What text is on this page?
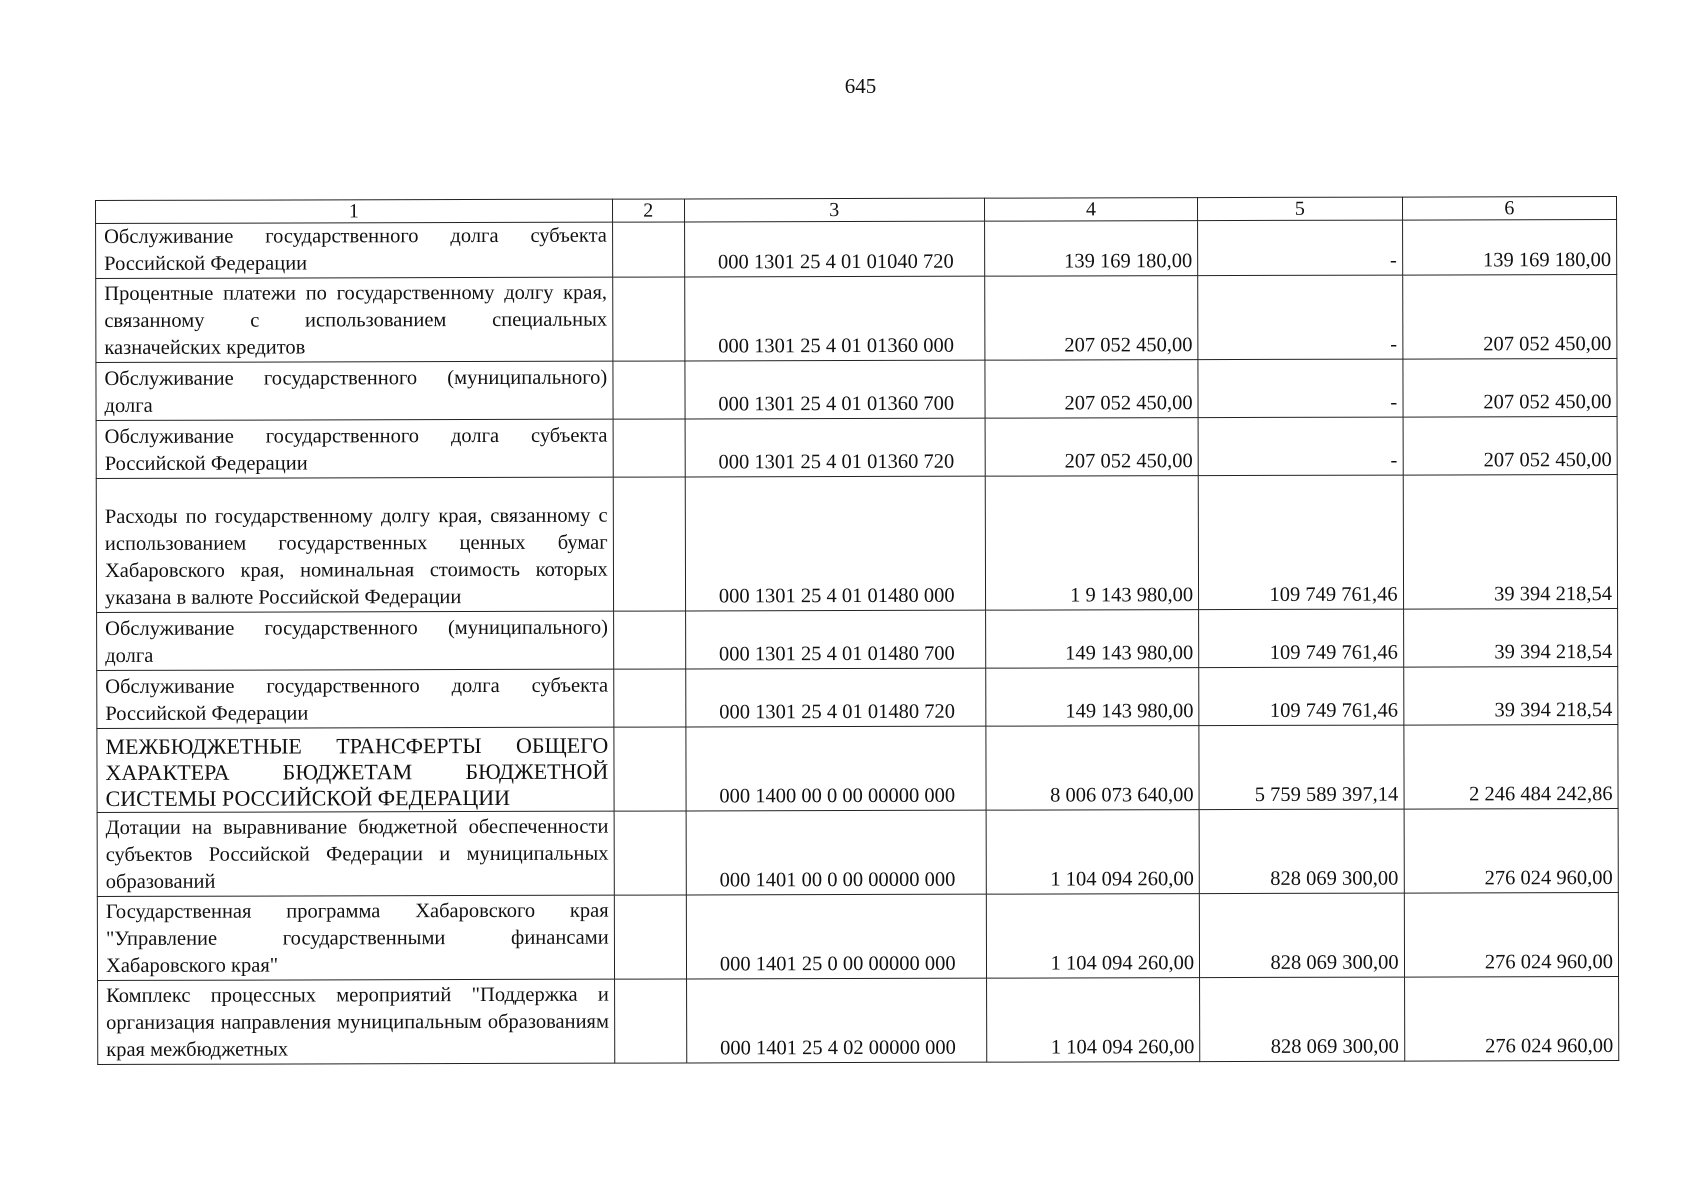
645
1	2	3	4	5	6
Обслуживание государственного долга субъекта Российской Федерации		000 1301 25 4 01 01040 720	139 169 180,00	-	139 169 180,00
Процентные платежи по государственному долгу края, связанному с использованием специальных казначейских кредитов		000 1301 25 4 01 01360 000	207 052 450,00	-	207 052 450,00
Обслуживание государственного (муниципального) долга		000 1301 25 4 01 01360 700	207 052 450,00	-	207 052 450,00
Обслуживание государственного долга субъекта Российской Федерации		000 1301 25 4 01 01360 720	207 052 450,00	-	207 052 450,00
Расходы по государственному долгу края, связанному с использованием государственных ценных бумаг Хабаровского края, номинальная стоимость которых указана в валюте Российской Федерации		000 1301 25 4 01 01480 000	1 9 143 980,00	109 749 761,46	39 394 218,54
Обслуживание государственного (муниципального) долга		000 1301 25 4 01 01480 700	149 143 980,00	109 749 761,46	39 394 218,54
Обслуживание государственного долга субъекта Российской Федерации		000 1301 25 4 01 01480 720	149 143 980,00	109 749 761,46	39 394 218,54
МЕЖБЮДЖЕТНЫЕ ТРАНСФЕРТЫ ОБЩЕГО ХАРАКТЕРА БЮДЖЕТАМ БЮДЖЕТНОЙ СИСТЕМЫ РОССИЙСКОЙ ФЕДЕРАЦИИ		000 1400 00 0 00 00000 000	8 006 073 640,00	5 759 589 397,14	2 246 484 242,86
Дотации на выравнивание бюджетной обеспеченности субъектов Российской Федерации и муниципальных образований		000 1401 00 0 00 00000 000	1 104 094 260,00	828 069 300,00	276 024 960,00
Государственная программа Хабаровского края "Управление государственными финансами Хабаровского края"		000 1401 25 0 00 00000 000	1 104 094 260,00	828 069 300,00	276 024 960,00
Комплекс процессных мероприятий "Поддержка и организация направления муниципальным образованиям края межбюджетных		000 1401 25 4 02 00000 000	1 104 094 260,00	828 069 300,00	276 024 960,00
